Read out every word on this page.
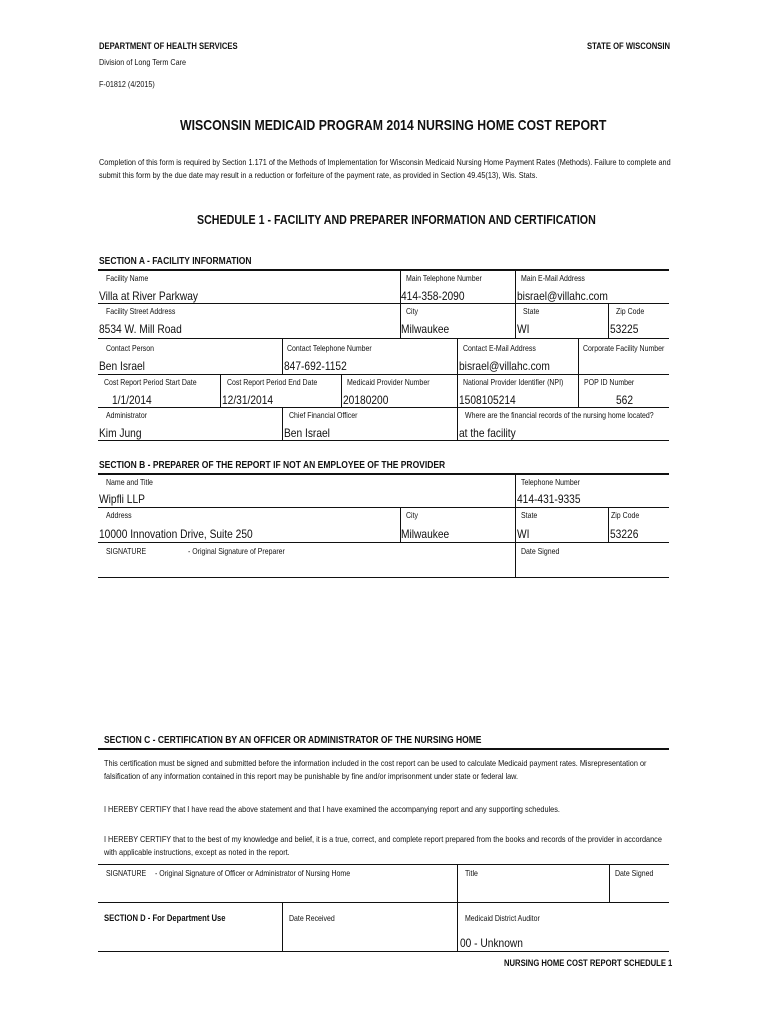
DEPARTMENT OF HEALTH SERVICES
Division of Long Term Care
F-01812 (4/2015)
STATE OF WISCONSIN
WISCONSIN MEDICAID PROGRAM 2014 NURSING HOME COST REPORT
Completion of this form is required by Section 1.171 of the Methods of Implementation for Wisconsin Medicaid Nursing Home Payment Rates (Methods). Failure to complete and submit this form by the due date may result in a reduction or forfeiture of the payment rate, as provided in Section 49.45(13), Wis. Stats.
SCHEDULE 1 - FACILITY AND PREPARER INFORMATION AND CERTIFICATION
SECTION A - FACILITY INFORMATION
Facility Name
Villa at River Parkway
Main Telephone Number
414-358-2090
Main E-Mail Address
bisrael@villahc.com
Facility Street Address
8534 W. Mill Road
City
Milwaukee
State
WI
Zip Code
53225
Contact Person
Ben Israel
Contact Telephone Number
847-692-1152
Contact E-Mail Address
bisrael@villahc.com
Corporate Facility Number
Cost Report Period Start Date
1/1/2014
Cost Report Period End Date
12/31/2014
Medicaid Provider Number
20180200
National Provider Identifier (NPI)
1508105214
POP ID Number
562
Administrator
Kim Jung
Chief Financial Officer
Ben Israel
Where are the financial records of the nursing home located?
at the facility
SECTION B - PREPARER OF THE REPORT IF NOT AN EMPLOYEE OF THE PROVIDER
Name and Title
Wipfli LLP
Telephone Number
414-431-9335
Address
10000 Innovation Drive, Suite 250
City
Milwaukee
State
WI
Zip Code
53226
SIGNATURE	- Original Signature of Preparer	Date Signed
SECTION C - CERTIFICATION BY AN OFFICER OR ADMINISTRATOR OF THE NURSING HOME
This certification must be signed and submitted before the information included in the cost report can be used to calculate Medicaid payment rates. Misrepresentation or falsification of any information contained in this report may be punishable by fine and/or imprisonment under state or federal law.
I HEREBY CERTIFY that I have read the above statement and that I have examined the accompanying report and any supporting schedules.
I HEREBY CERTIFY that to the best of my knowledge and belief, it is a true, correct, and complete report prepared from the books and records of the provider in accordance with applicable instructions, except as noted in the report.
SIGNATURE - Original Signature of Officer or Administrator of Nursing Home	Title	Date Signed
SECTION D - For Department Use	Date Received	Medicaid District Auditor
00 - Unknown
NURSING HOME COST REPORT SCHEDULE 1
